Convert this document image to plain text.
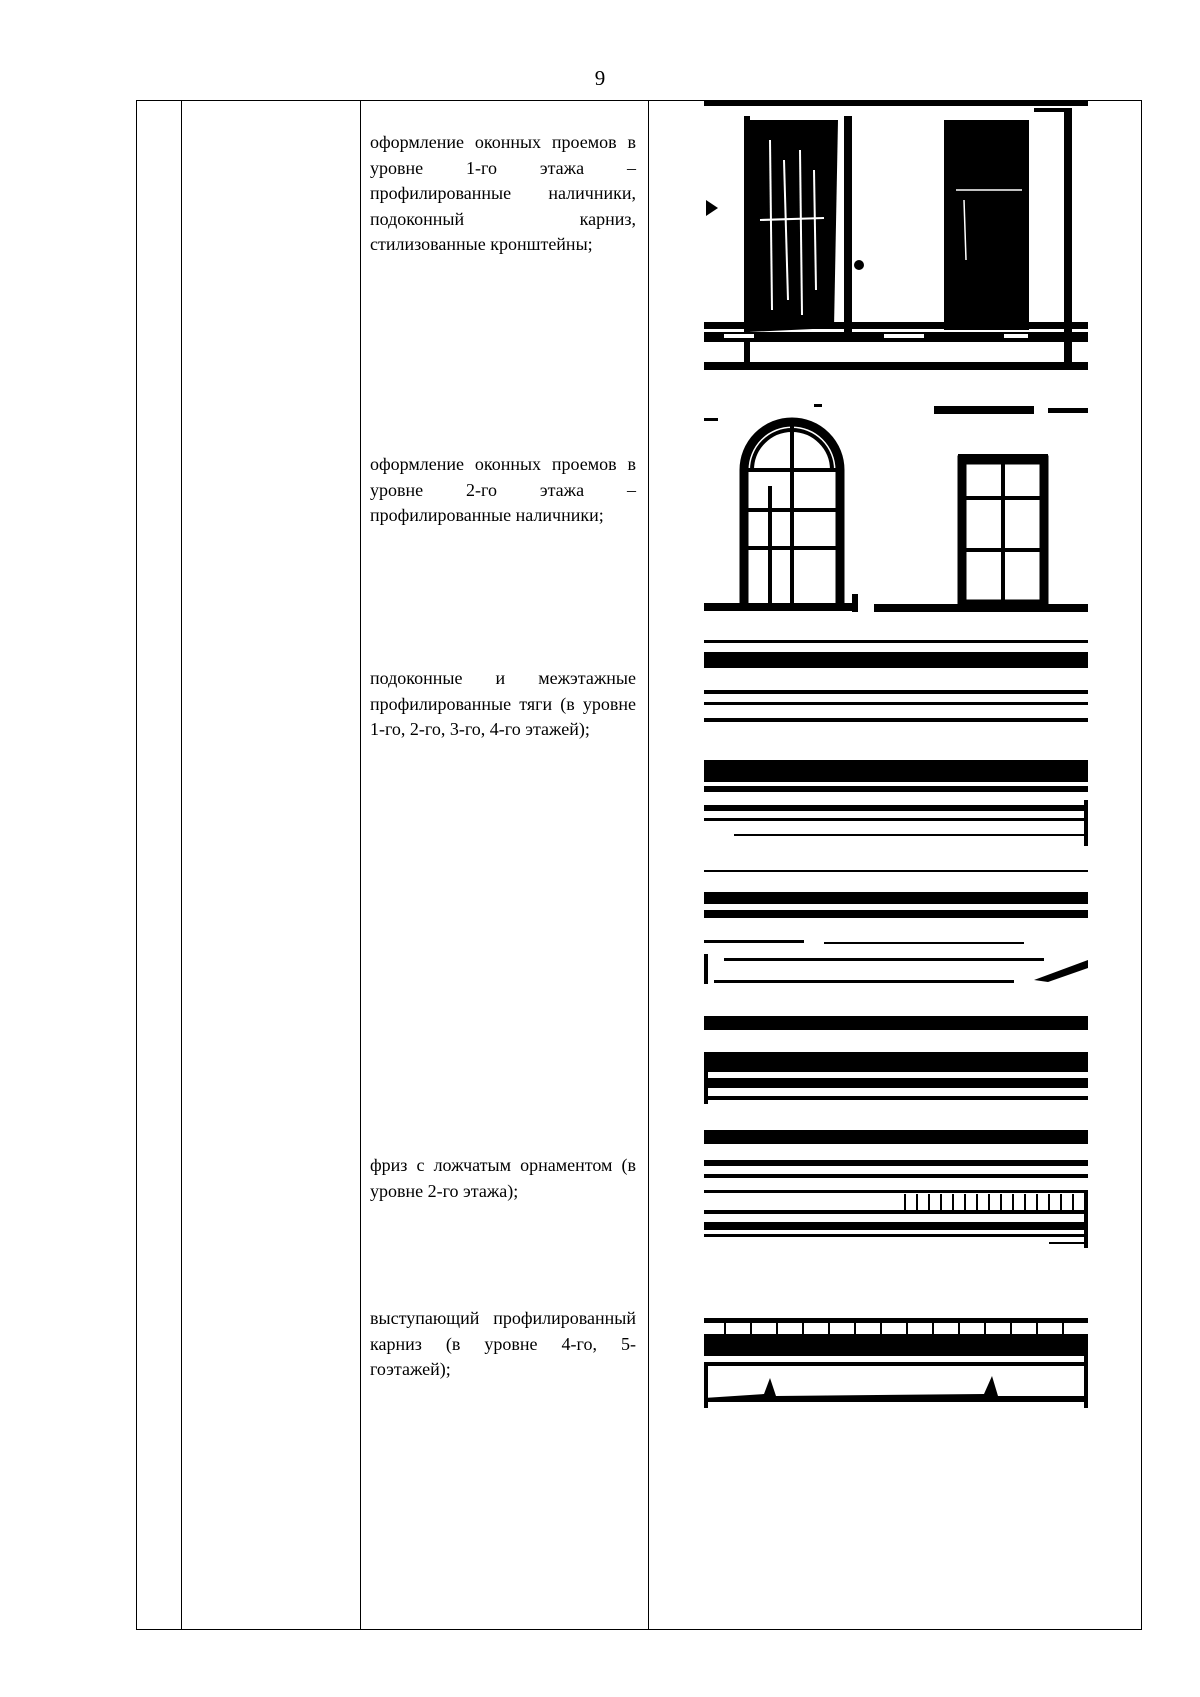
9
оформление оконных проемов в уровне 1-го этажа – профилированные наличники, подоконный карниз, стилизованные кронштейны;
оформление оконных проемов в уровне 2-го этажа – профилированные наличники;
подоконные и межэтажные профилированные тяги (в уровне 1-го, 2-го, 3-го, 4-го этажей);
фриз с ложчатым орнаментом (в уровне 2-го этажа);
выступающий профилированный карниз (в уровне 4-го, 5-гоэтажей);
